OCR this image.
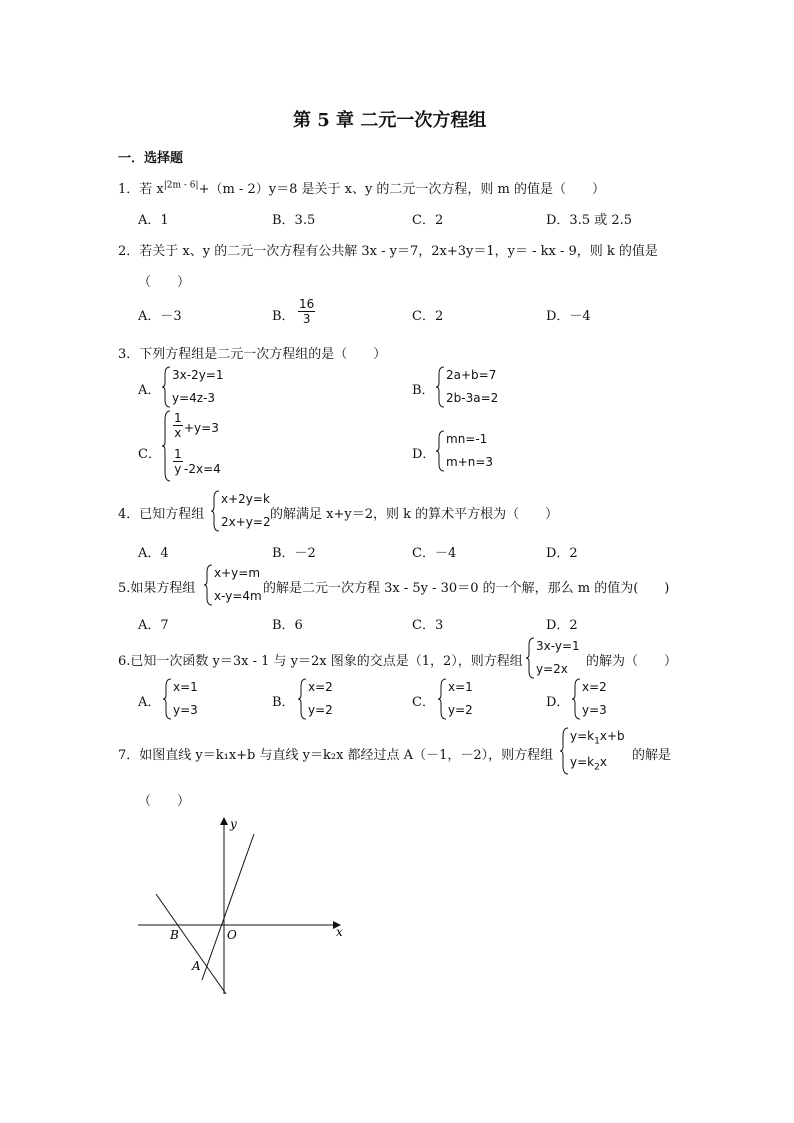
第 5 章 二元一次方程组
一．选择题
1．若 $x^{|2m - 6|}+(m - 2)y=8$ 是关于 x、y 的二元一次方程，则 m 的值是（　　）
A．1	B．3.5	C．2	D．3.5 或 2.5
2．若关于 x、y 的二元一次方程有公共解 3x - y＝7，2x+3y＝1，y＝ - kx - 9，则 k 的值是
（　　）
A．－3	B． $\frac{16}{3}$	C．2	D．－4
3．下列方程组是二元一次方程组的是（　　）
A．
3x-2y=1
y=4z-3	B．
2a+b=7
2b-3a=2
C．
$\frac{1}{x} +y=3$
$\frac{1}{y} -2x=4$
D．
mn=-1
m+n=3
4．已知方程组
x+2y=k
2x+y=2 的解满足 x+y＝2，则 k 的算术平方根为（　　）
A．4	B．－2	C．－4	D．2
5.如果方程组
x+y=m
x-y=4m 的解是二元一次方程 3x - 5y - 30＝0 的一个解，那么 m 的值为(　　)
A．7	B．6	C．3	D．2
6.已知一次函数 y＝3x - 1 与 y＝2x 图象的交点是（1，2），则方程组
3x-y=1
y=2x 的解为（　　）
A．
x=1
y=3	B．
x=2
y=2	C．
x=1
y=2	D．
x=2
y=3
7．如图直线 y＝k₁x+b 与直线 y＝k₂x 都经过点 A（－1，－2），则方程组
$y=k_1x+b$
$y=k_2x$ 的解是
（　　）
y
x
O
B
A
